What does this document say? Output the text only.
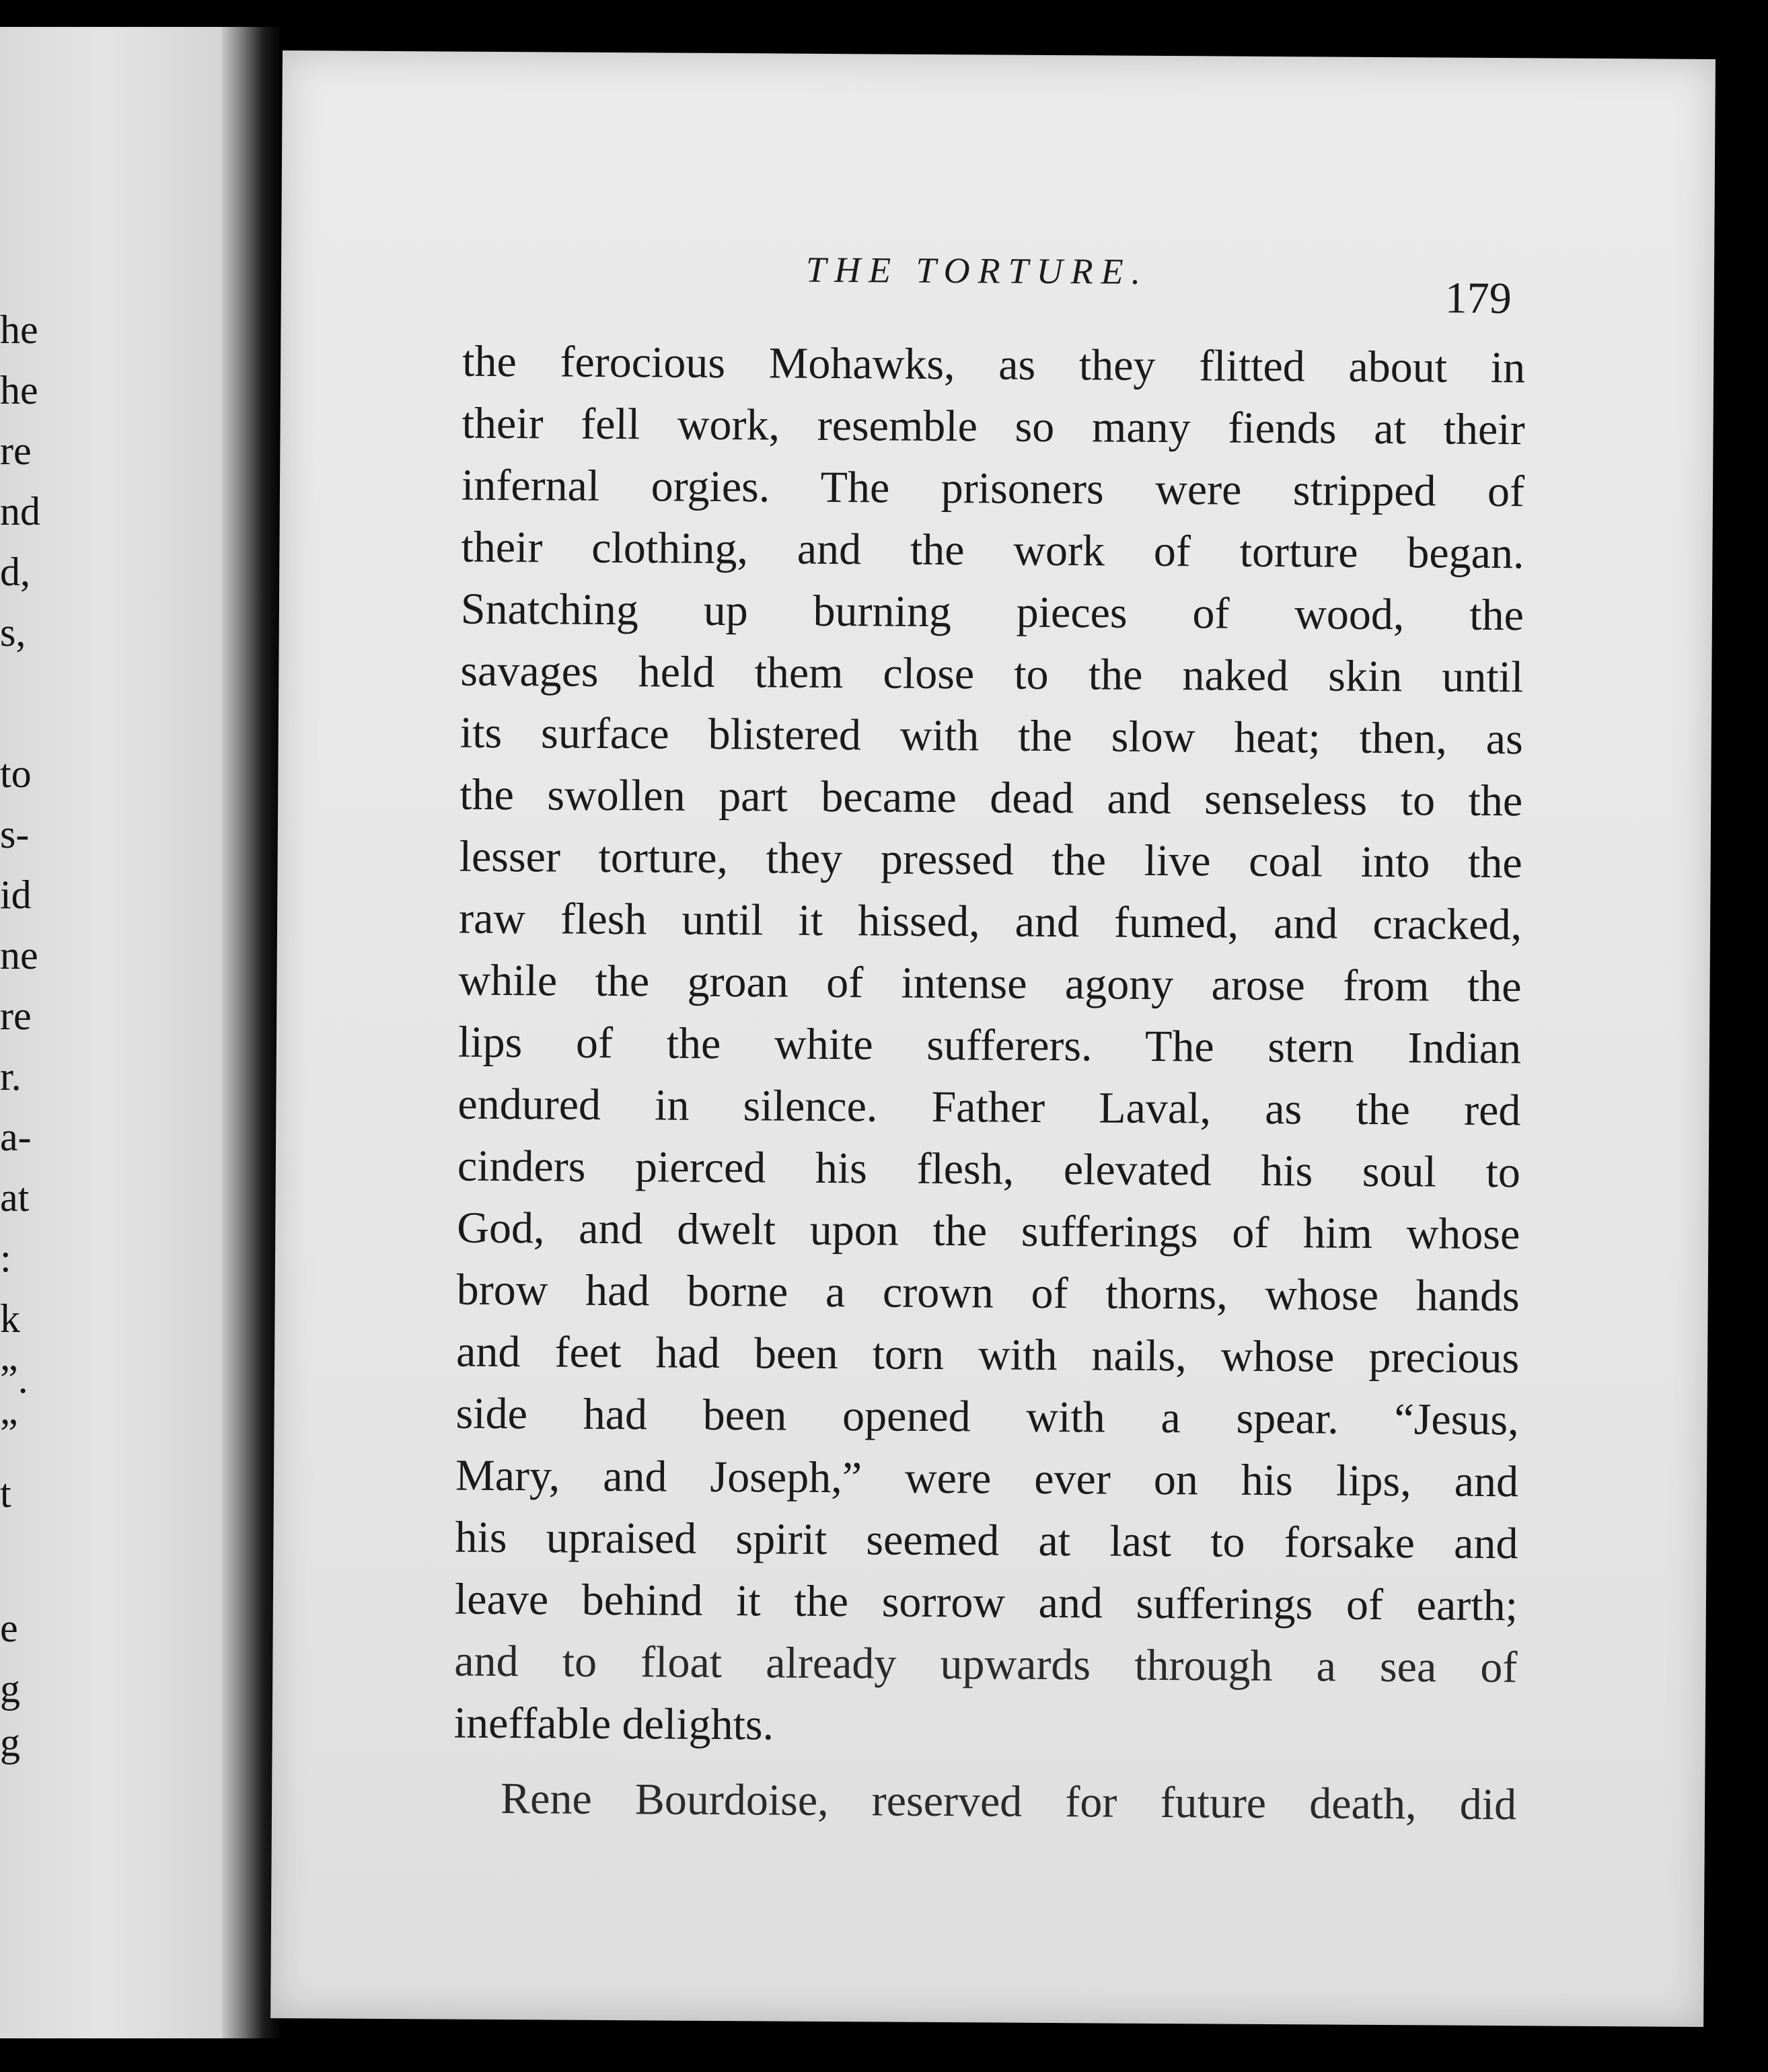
he
he
re
nd
d,
s,
to
s-
id
ne
re
r.
a-
at
:
k
”.
”
t
e
g
g
THE TORTURE.
179
the ferocious Mohawks, as they flitted about in
their fell work, resemble so many fiends at their
infernal orgies. The prisoners were stripped of
their clothing, and the work of torture began.
Snatching up burning pieces of wood, the
savages held them close to the naked skin until
its surface blistered with the slow heat; then, as
the swollen part became dead and senseless to the
lesser torture, they pressed the live coal into the
raw flesh until it hissed, and fumed, and cracked,
while the groan of intense agony arose from the
lips of the white sufferers. The stern Indian
endured in silence. Father Laval, as the red
cinders pierced his flesh, elevated his soul to
God, and dwelt upon the sufferings of him whose
brow had borne a crown of thorns, whose hands
and feet had been torn with nails, whose precious
side had been opened with a spear. “Jesus,
Mary, and Joseph,” were ever on his lips, and
his upraised spirit seemed at last to forsake and
leave behind it the sorrow and sufferings of earth;
and to float already upwards through a sea of
ineffable delights.
Rene Bourdoise, reserved for future death, did
